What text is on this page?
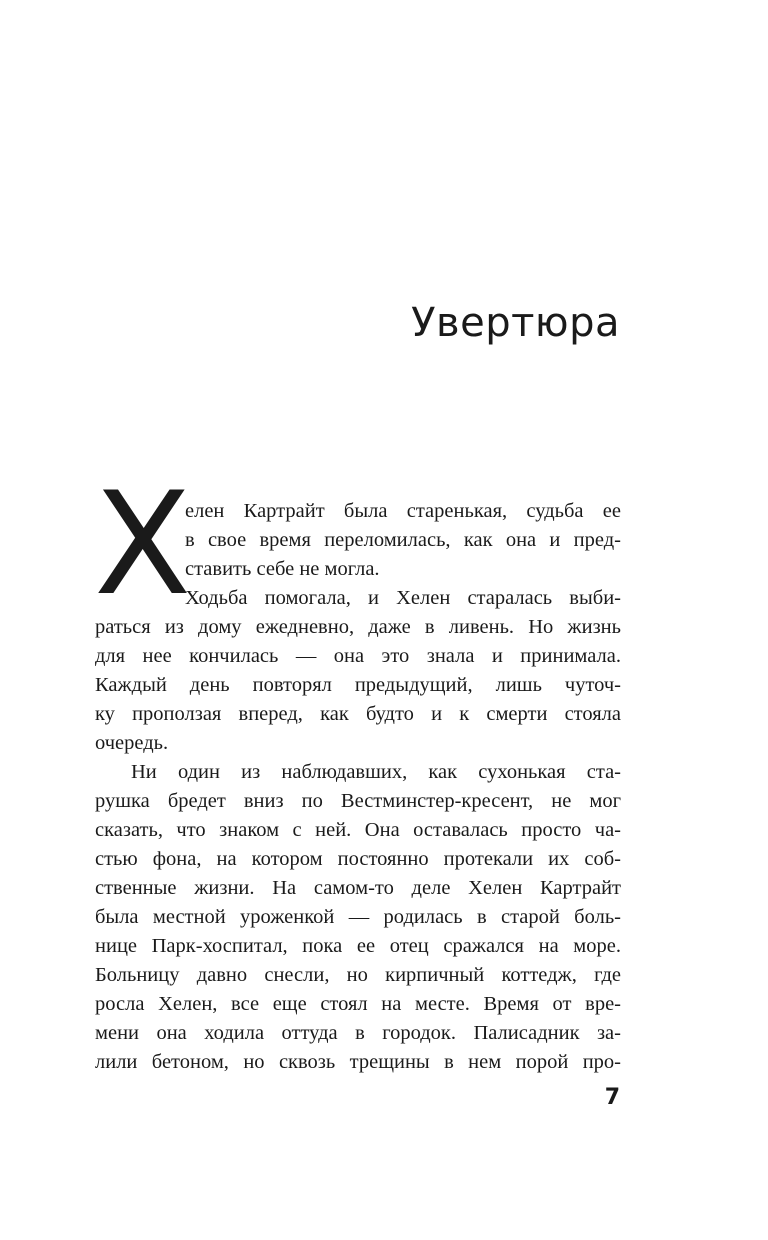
Увертюра
Х
елен Картрайт была старенькая, судьба ее
в свое время переломилась, как она и пред-
ставить себе не могла.
Ходьба помогала, и Хелен старалась выби-
раться из дому ежедневно, даже в ливень. Но жизнь
для нее кончилась — она это знала и принимала.
Каждый день повторял предыдущий, лишь чуточ-
ку проползая вперед, как будто и к смерти стояла
очередь.
Ни один из наблюдавших, как сухонькая ста-
рушка бредет вниз по Вестминстер-кресент, не мог
сказать, что знаком с ней. Она оставалась просто ча-
стью фона, на котором постоянно протекали их соб-
ственные жизни. На самом-то деле Хелен Картрайт
была местной уроженкой — родилась в старой боль-
нице Парк-хоспитал, пока ее отец сражался на море.
Больницу давно снесли, но кирпичный коттедж, где
росла Хелен, все еще стоял на месте. Время от вре-
мени она ходила оттуда в городок. Палисадник за-
лили бетоном, но сквозь трещины в нем порой про-
7
